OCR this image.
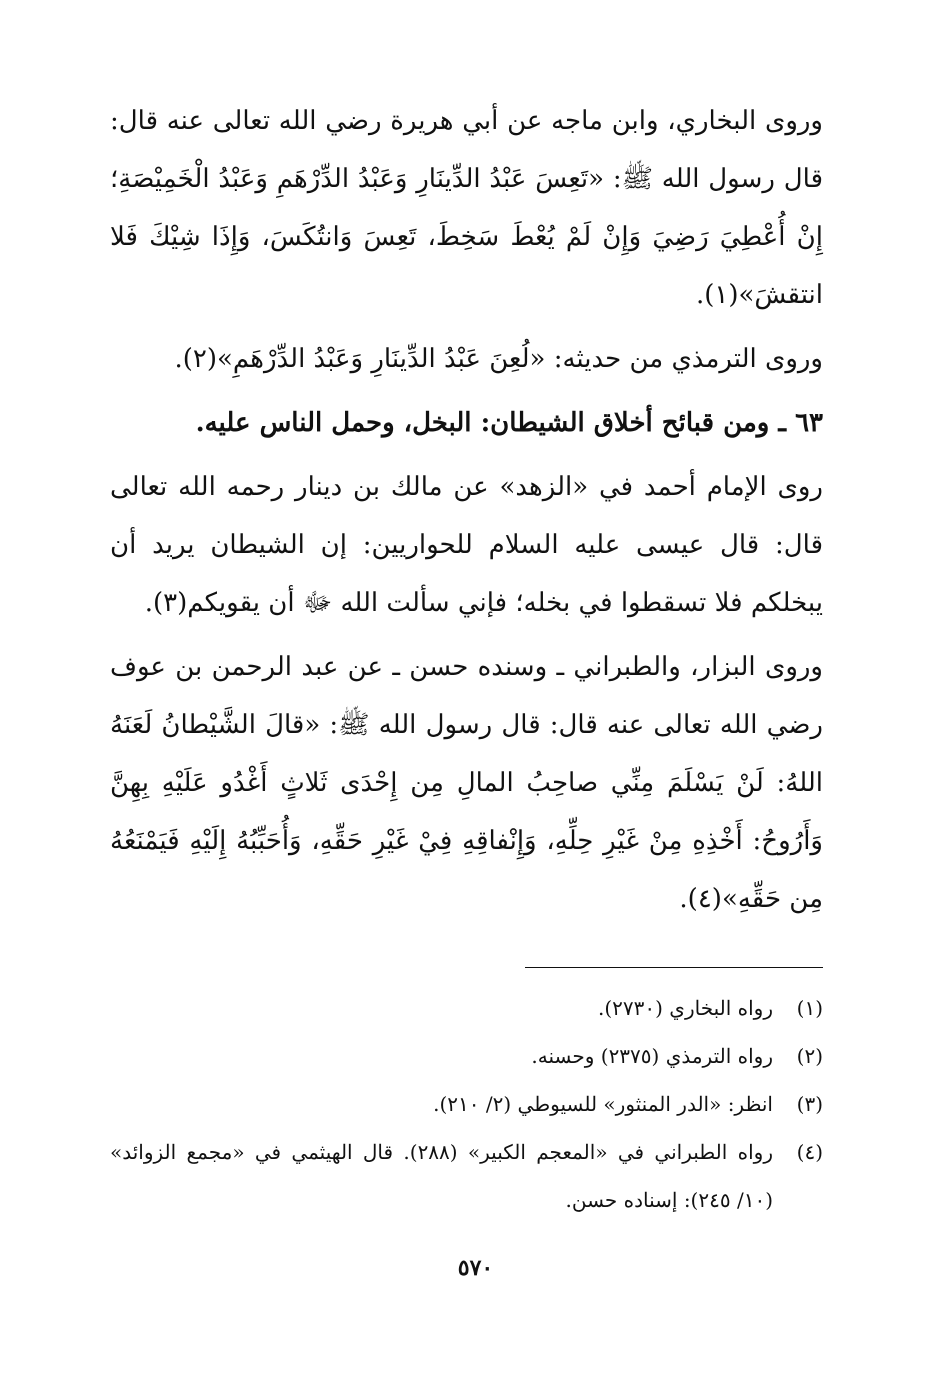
وروى البخاري، وابن ماجه عن أبي هريرة رضي الله تعالى عنه قال: قال رسول الله ﷺ: «تَعِسَ عَبْدُ الدِّينَارِ وَعَبْدُ الدِّرْهَمِ وَعَبْدُ الْخَمِيْصَةِ؛ إِنْ أُعْطِيَ رَضِيَ وَإِنْ لَمْ يُعْطَ سَخِطَ، تَعِسَ وَانتُكَسَ، وَإِذَا شِيْكَ فَلا انتقشَ»(١).

وروى الترمذي من حديثه: «لُعِنَ عَبْدُ الدِّينَارِ وَعَبْدُ الدِّرْهَمِ»(٢).

٦٣ ـ ومن قبائح أخلاق الشيطان: البخل، وحمل الناس عليه.

روى الإمام أحمد في «الزهد» عن مالك بن دينار رحمه الله تعالى قال: قال عيسى عليه السلام للحواريين: إن الشيطان يريد أن يبخلكم فلا تسقطوا في بخله؛ فإني سألت الله ﷻ أن يقويكم(٣).

وروى البزار، والطبراني ـ وسنده حسن ـ عن عبد الرحمن بن عوف رضي الله تعالى عنه قال: قال رسول الله ﷺ: «قالَ الشَّيْطانُ لَعَنَهُ اللهُ: لَنْ يَسْلَمَ مِنِّي صاحِبُ المالِ مِن إِحْدَى ثَلاثٍ أَغْدُو عَلَيْهِ بِهِنَّ وَأَرُوحُ: أَخْذِهِ مِنْ غَيْرِ حِلِّهِ، وَإِنْفاقِهِ فِيْ غَيْرِ حَقِّهِ، وَأُحَبِّبُهُ إِلَيْهِ فَيَمْنَعُهُ مِن حَقِّهِ»(٤).

(١)
رواه البخاري (٢٧٣٠).
(٢)
رواه الترمذي (٢٣٧٥) وحسنه.
(٣)
انظر: «الدر المنثور» للسيوطي (٢/ ٢١٠).
(٤)
رواه الطبراني في «المعجم الكبير» (٢٨٨). قال الهيثمي في «مجمع الزوائد» (١٠/ ٢٤٥): إسناده حسن.
٥٧٠
